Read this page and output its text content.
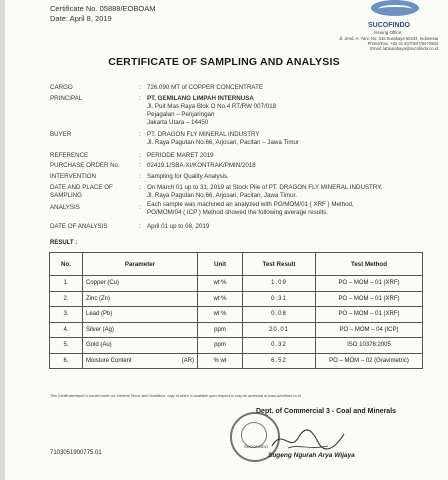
Certificate No. 05888/EOBOAM
Date: April 8, 2019
SUCOFINDO
Issuing Office:
Jl. Jend. A. Yani. No. 315 Surabaya 60234, Indonesia
Phone/Fax: +62 31 8470547/8470583
Email: labsurabaya@sucofindo.co.id
CERTIFICATE OF SAMPLING AND ANALYSIS
CARGO	: 726.090 MT of COPPER CONCENTRATE
PRINCIPAL	: PT. GEMILANG LIMPAH INTERNUSA
Jl. Puit Mas Raya Blok O No.4 RT/RW 007/018
Pejagalan – Penjaringan
Jakarta Utara – 14450
BUYER	: PT. DRAGON FLY MINERAL INDUSTRY
Jl. Raya Pagutan No.66, Arjosari, Pacitan – Jawa Timur
REFERENCE	: PERIODE MARET 2019
PURCHASE ORDER No.	: 02419.1/SBA-XI/KONTRAK/PMIN/2018
INTERVENTION	: Sampling for Quality Analysis.
DATE AND PLACE OF
SAMPLING
: On March 01 up to 31, 2019 at Stock Pile of PT. DRAGON FLY MINERAL INDUSTRY,
Jl. Raya Pagutan No.66, Arjosari, Pacitan, Jawa Timur.
ANALYSIS	: Each sample was machined an analyzed with PO/MOM/01 ( XRF ) Method,
PO/MOM/04 ( ICP ) Method showed the following average results.
DATE OF ANALYSIS	: April 01 up to 08, 2019
RESULT :
No.	Parameter	Unit	Test Result	Test Method
1.	Copper (Cu)	wt %	1.09	PO – MOM – 01 (XRF)
2.	Zinc (Zn)	wt %	0.31	PO – MOM – 01 (XRF)
3.	Lead (Pb)	wt %	0.08	PO – MOM – 01 (XRF)
4.	Silver (Ag)	ppm	20.01	PO – MOM – 04 (ICP)
5.	Gold (Au)	ppm	0.32	ISO 10378:2005
6.	Moisture Content (AR)	% wt	6.52	PO – MOM – 02 (Gravimetric)
This Certificate/report is issued under our General Terms and Conditions, copy of which is available upon request or may be accessed at www.sucofindo.co.id
Dept. of Commercial 3 - Coal and Minerals
SUCOFINDO
Sugeng Ngurah Arya Wijaya
7103051900775.01
